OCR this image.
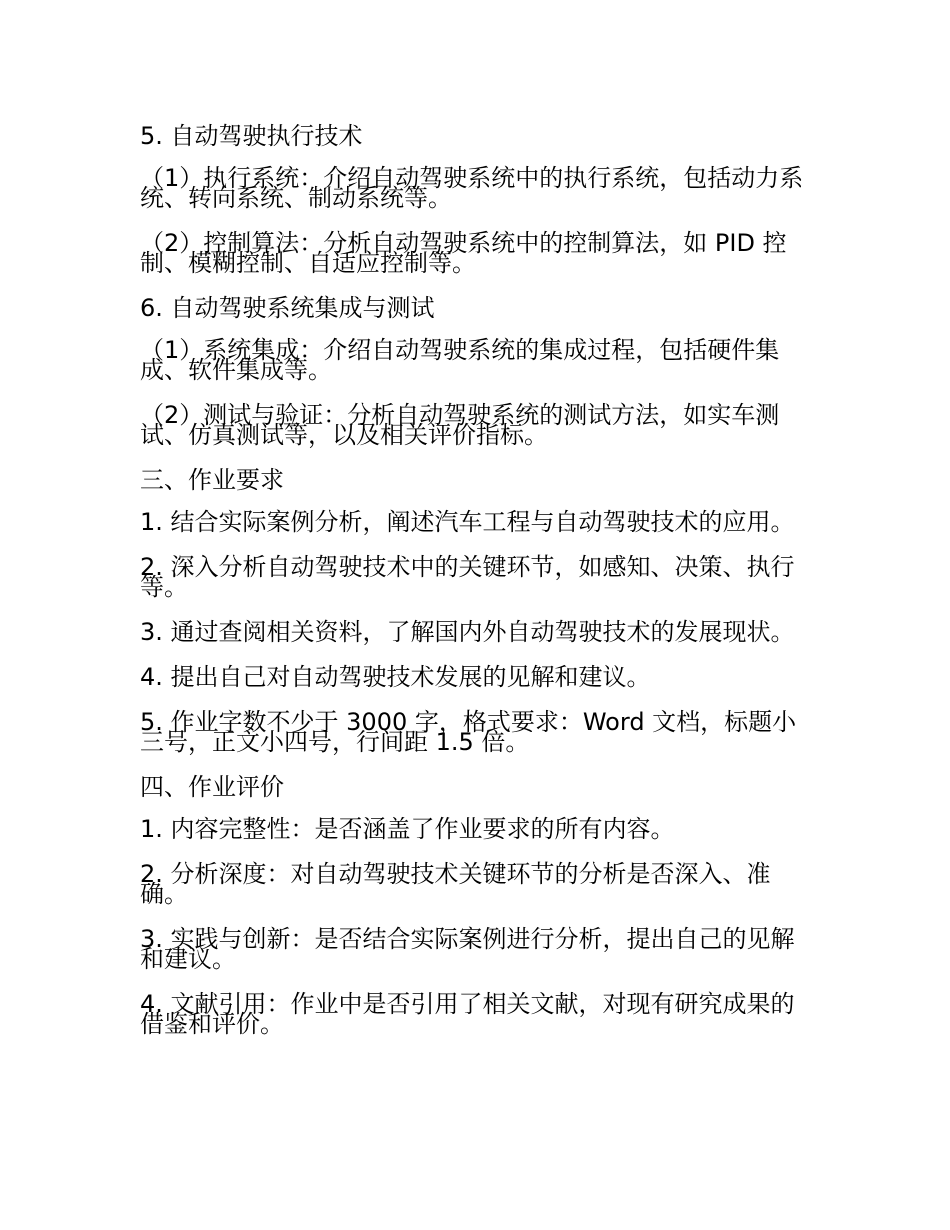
5. 自动驾驶执行技术

（1）执行系统：介绍自动驾驶系统中的执行系统，包括动力系统、转向系统、制动系统等。

（2）控制算法：分析自动驾驶系统中的控制算法，如 PID 控制、模糊控制、自适应控制等。

6. 自动驾驶系统集成与测试

（1）系统集成：介绍自动驾驶系统的集成过程，包括硬件集成、软件集成等。

（2）测试与验证：分析自动驾驶系统的测试方法，如实车测试、仿真测试等，以及相关评价指标。

三、作业要求

1. 结合实际案例分析，阐述汽车工程与自动驾驶技术的应用。

2. 深入分析自动驾驶技术中的关键环节，如感知、决策、执行等。

3. 通过查阅相关资料，了解国内外自动驾驶技术的发展现状。

4. 提出自己对自动驾驶技术发展的见解和建议。

5. 作业字数不少于 3000 字，格式要求：Word 文档，标题小三号，正文小四号，行间距 1.5 倍。

四、作业评价

1. 内容完整性：是否涵盖了作业要求的所有内容。

2. 分析深度：对自动驾驶技术关键环节的分析是否深入、准确。

3. 实践与创新：是否结合实际案例进行分析，提出自己的见解和建议。

4. 文献引用：作业中是否引用了相关文献，对现有研究成果的借鉴和评价。
